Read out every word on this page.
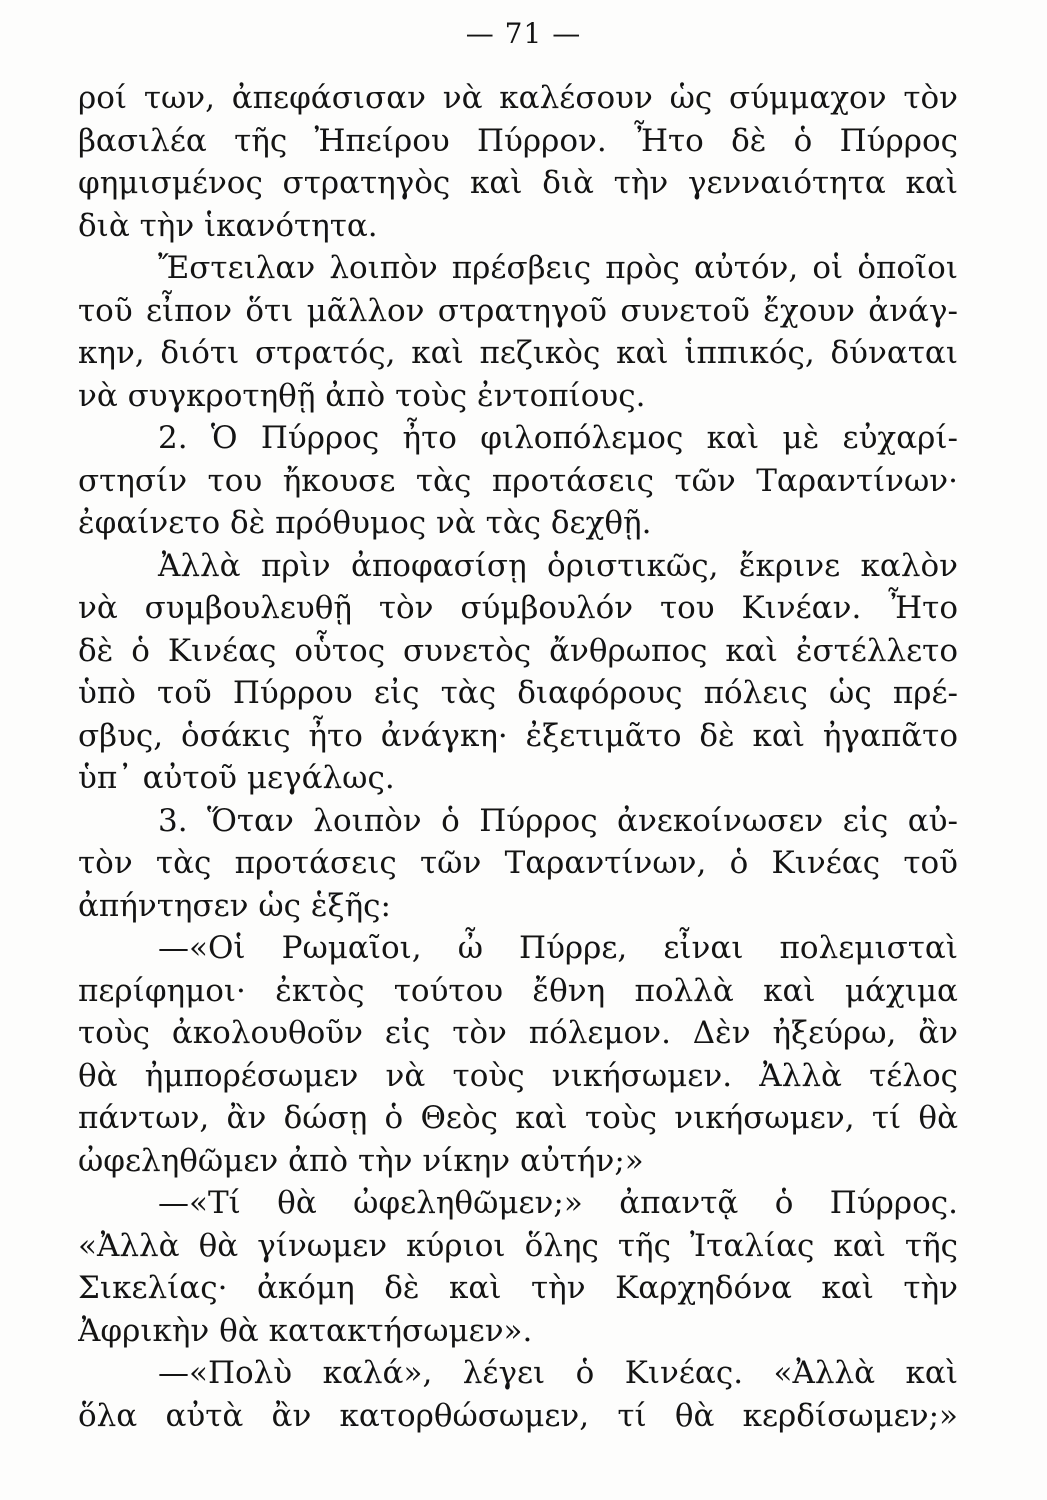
— 71 —
ροί των, ἀπεφάσισαν νὰ καλέσουν ὡς σύμμαχον τὸν
βασιλέα τῆς Ἠπείρου Πύρρον. Ἦτο δὲ ὁ Πύρρος
φημισμένος στρατηγὸς καὶ διὰ τὴν γενναιότητα καὶ
διὰ τὴν ἱκανότητα.
Ἔστειλαν λοιπὸν πρέσβεις πρὸς αὐτόν, οἱ ὁποῖοι
τοῦ εἶπον ὅτι μᾶλλον στρατηγοῦ συνετοῦ ἔχουν ἀνάγ-
κην, διότι στρατός, καὶ πεζικὸς καὶ ἱππικός, δύναται
νὰ συγκροτηθῇ ἀπὸ τοὺς ἐντοπίους.
2. Ὁ Πύρρος ἦτο φιλοπόλεμος καὶ μὲ εὐχαρί-
στησίν του ἤκουσε τὰς προτάσεις τῶν Ταραντίνων·
ἐφαίνετο δὲ πρόθυμος νὰ τὰς δεχθῇ.
Ἀλλὰ πρὶν ἀποφασίσῃ ὁριστικῶς, ἔκρινε καλὸν
νὰ συμβουλευθῇ τὸν σύμβουλόν του Κινέαν. Ἦτο
δὲ ὁ Κινέας οὗτος συνετὸς ἄνθρωπος καὶ ἐστέλλετο
ὑπὸ τοῦ Πύρρου εἰς τὰς διαφόρους πόλεις ὡς πρέ-
σβυς, ὁσάκις ἦτο ἀνάγκη· ἐξετιμᾶτο δὲ καὶ ἠγαπᾶτο
ὑπ᾿ αὐτοῦ μεγάλως.
3. Ὅταν λοιπὸν ὁ Πύρρος ἀνεκοίνωσεν εἰς αὐ-
τὸν τὰς προτάσεις τῶν Ταραντίνων, ὁ Κινέας τοῦ
ἀπήντησεν ὡς ἑξῆς:
—«Οἱ Ρωμαῖοι, ὦ Πύρρε, εἶναι πολεμισταὶ
περίφημοι· ἐκτὸς τούτου ἔθνη πολλὰ καὶ μάχιμα
τοὺς ἀκολουθοῦν εἰς τὸν πόλεμον. Δὲν ἠξεύρω, ἂν
θὰ ἠμπορέσωμεν νὰ τοὺς νικήσωμεν. Ἀλλὰ τέλος
πάντων, ἂν δώσῃ ὁ Θεὸς καὶ τοὺς νικήσωμεν, τί θὰ
ὠφεληθῶμεν ἀπὸ τὴν νίκην αὐτήν;»
—«Τί θὰ ὠφεληθῶμεν;» ἀπαντᾷ ὁ Πύρρος.
«Ἀλλὰ θὰ γίνωμεν κύριοι ὅλης τῆς Ἰταλίας καὶ τῆς
Σικελίας· ἀκόμη δὲ καὶ τὴν Καρχηδόνα καὶ τὴν
Ἀφρικὴν θὰ κατακτήσωμεν».
—«Πολὺ καλά», λέγει ὁ Κινέας. «Ἀλλὰ καὶ
ὅλα αὐτὰ ἂν κατορθώσωμεν, τί θὰ κερδίσωμεν;»
